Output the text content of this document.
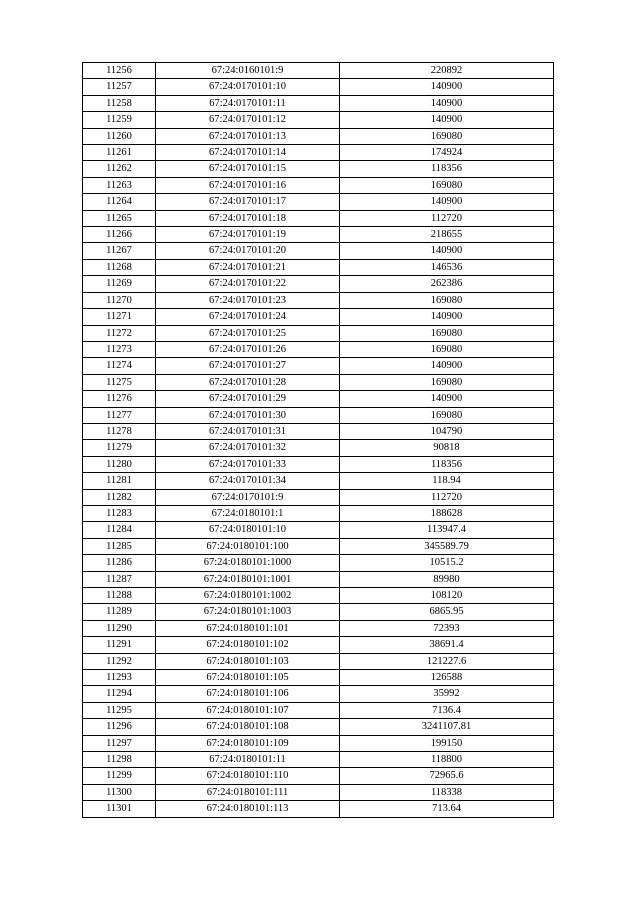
11256	67:24:0160101:9	220892
11257	67:24:0170101:10	140900
11258	67:24:0170101:11	140900
11259	67:24:0170101:12	140900
11260	67:24:0170101:13	169080
11261	67:24:0170101:14	174924
11262	67:24:0170101:15	118356
11263	67:24:0170101:16	169080
11264	67:24:0170101:17	140900
11265	67:24:0170101:18	112720
11266	67:24:0170101:19	218655
11267	67:24:0170101:20	140900
11268	67:24:0170101:21	146536
11269	67:24:0170101:22	262386
11270	67:24:0170101:23	169080
11271	67:24:0170101:24	140900
11272	67:24:0170101:25	169080
11273	67:24:0170101:26	169080
11274	67:24:0170101:27	140900
11275	67:24:0170101:28	169080
11276	67:24:0170101:29	140900
11277	67:24:0170101:30	169080
11278	67:24:0170101:31	104790
11279	67:24:0170101:32	90818
11280	67:24:0170101:33	118356
11281	67:24:0170101:34	118.94
11282	67:24:0170101:9	112720
11283	67:24:0180101:1	188628
11284	67:24:0180101:10	113947.4
11285	67:24:0180101:100	345589.79
11286	67:24:0180101:1000	10515.2
11287	67:24:0180101:1001	89980
11288	67:24:0180101:1002	108120
11289	67:24:0180101:1003	6865.95
11290	67:24:0180101:101	72393
11291	67:24:0180101:102	38691.4
11292	67:24:0180101:103	121227.6
11293	67:24:0180101:105	126588
11294	67:24:0180101:106	35992
11295	67:24:0180101:107	7136.4
11296	67:24:0180101:108	3241107.81
11297	67:24:0180101:109	199150
11298	67:24:0180101:11	118800
11299	67:24:0180101:110	72965.6
11300	67:24:0180101:111	118338
11301	67:24:0180101:113	713.64
